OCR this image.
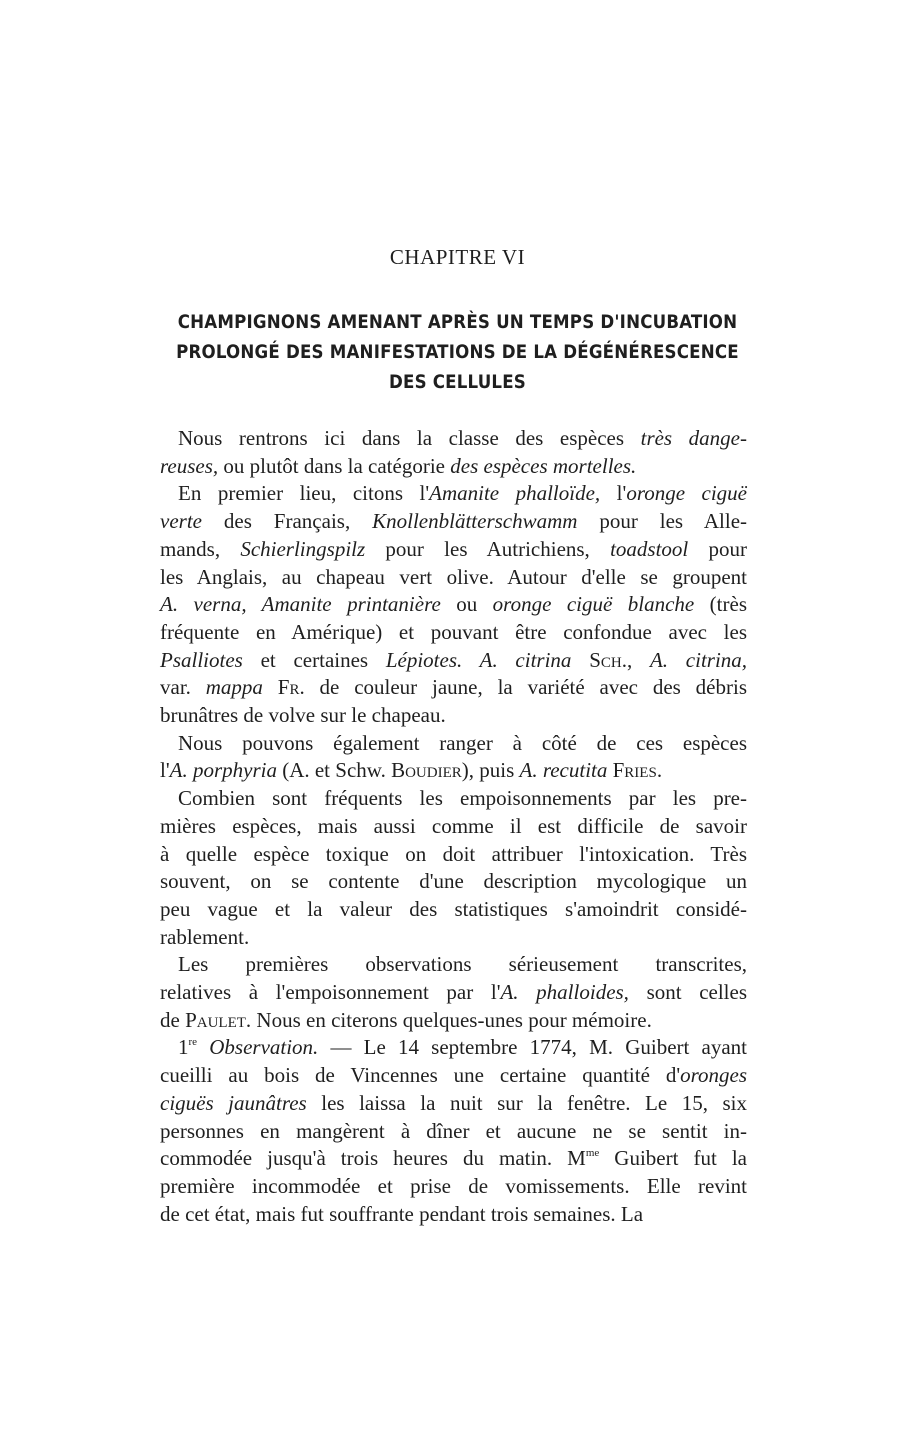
CHAPITRE VI
CHAMPIGNONS AMENANT APRÈS UN TEMPS D'INCUBATION
PROLONGÉ DES MANIFESTATIONS DE LA DÉGÉNÉRESCENCE
DES CELLULES

Nous rentrons ici dans la classe des espèces très dange-
reuses, ou plutôt dans la catégorie des espèces mortelles.

En premier lieu, citons l'Amanite phalloïde, l'oronge ciguë
verte des Français, Knollenblätterschwamm pour les Alle-
mands, Schierlingspilz pour les Autrichiens, toadstool pour
les Anglais, au chapeau vert olive. Autour d'elle se groupent
A. verna, Amanite printanière ou oronge ciguë blanche (très
fréquente en Amérique) et pouvant être confondue avec les
Psalliotes et certaines Lépiotes. A. citrina Sch., A. citrina,
var. mappa Fr. de couleur jaune, la variété avec des débris
brunâtres de volve sur le chapeau.

Nous pouvons également ranger à côté de ces espèces
l'A. porphyria (A. et Schw. Boudier), puis A. recutita Fries.

Combien sont fréquents les empoisonnements par les pre-
mières espèces, mais aussi comme il est difficile de savoir
à quelle espèce toxique on doit attribuer l'intoxication. Très
souvent, on se contente d'une description mycologique un
peu vague et la valeur des statistiques s'amoindrit considé-
rablement.

Les premières observations sérieusement transcrites,
relatives à l'empoisonnement par l'A. phalloides, sont celles
de Paulet. Nous en citerons quelques-unes pour mémoire.

1re Observation. — Le 14 septembre 1774, M. Guibert ayant
cueilli au bois de Vincennes une certaine quantité d'oronges
ciguës jaunâtres les laissa la nuit sur la fenêtre. Le 15, six
personnes en mangèrent à dîner et aucune ne se sentit in-
commodée jusqu'à trois heures du matin. $M^{me}$ Guibert fut la
première incommodée et prise de vomissements. Elle revint
de cet état, mais fut souffrante pendant trois semaines. La
